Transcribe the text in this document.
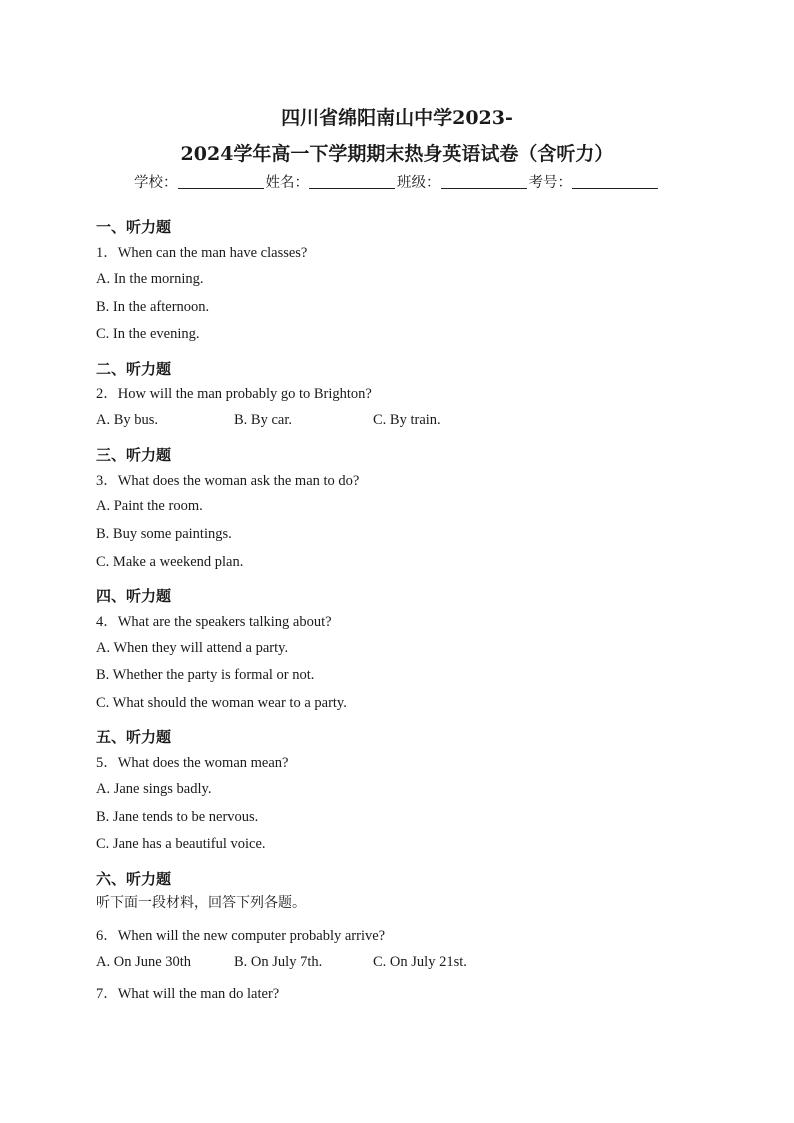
四川省绵阳南山中学2023-
2024学年高一下学期期末热身英语试卷（含听力）
学校：	姓名：	班级：	考号：
一、听力题
1．When can the man have classes?
A. In the morning.
B. In the afternoon.
C. In the evening.
二、听力题
2．How will the man probably go to Brighton?
A. By bus.	B. By car.	C. By train.
三、听力题
3．What does the woman ask the man to do?
A. Paint the room.
B. Buy some paintings.
C. Make a weekend plan.
四、听力题
4．What are the speakers talking about?
A. When they will attend a party.
B. Whether the party is formal or not.
C. What should the woman wear to a party.
五、听力题
5．What does the woman mean?
A. Jane sings badly.
B. Jane tends to be nervous.
C. Jane has a beautiful voice.
六、听力题
听下面一段材料，回答下列各题。
6．When will the new computer probably arrive?
A. On June 30th	B. On July 7th.	C. On July 21st.
7．What will the man do later?
